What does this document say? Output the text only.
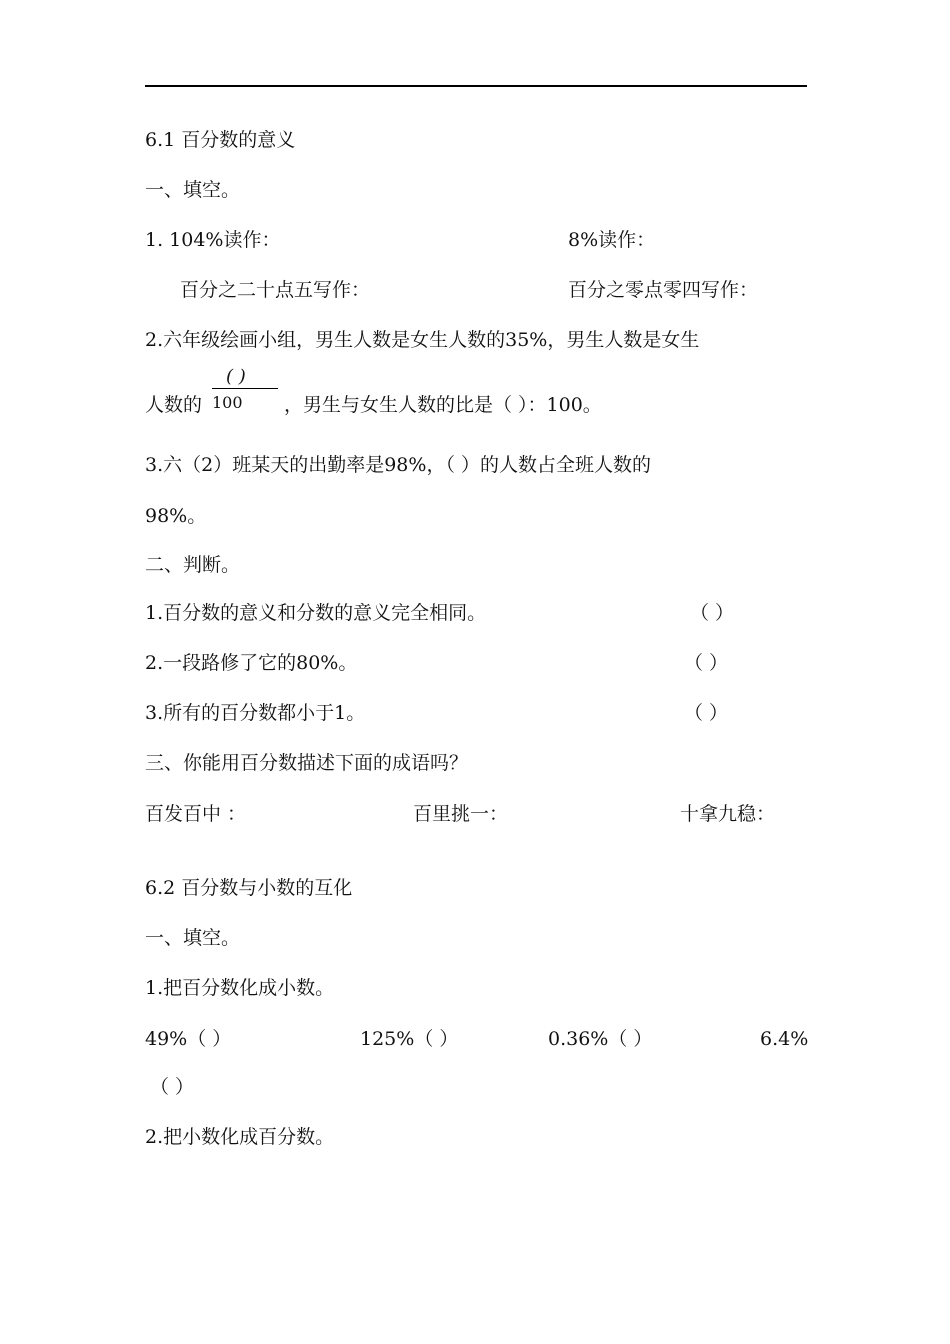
6.1 百分数的意义
一、填空。
1. 104%读作：	8%读作：
百分之二十点五写作：	百分之零点零四写作：
2.六年级绘画小组，男生人数是女生人数的35%，男生人数是女生
人数的
( )
100 ，男生与女生人数的比是（ ）：100。
3.六（2）班某天的出勤率是98%，（ ）的人数占全班人数的
98%。
二、判断。
1.百分数的意义和分数的意义完全相同。	（ ）
2.一段路修了它的80%。	（ ）
3.所有的百分数都小于1。	（ ）
三、你能用百分数描述下面的成语吗？
百发百中 ：	百里挑一：	十拿九稳：
6.2 百分数与小数的互化
一、填空。
1.把百分数化成小数。
49%（ ）	125%（ ）	0.36%（ ）	6.4%
（ ）
2.把小数化成百分数。
